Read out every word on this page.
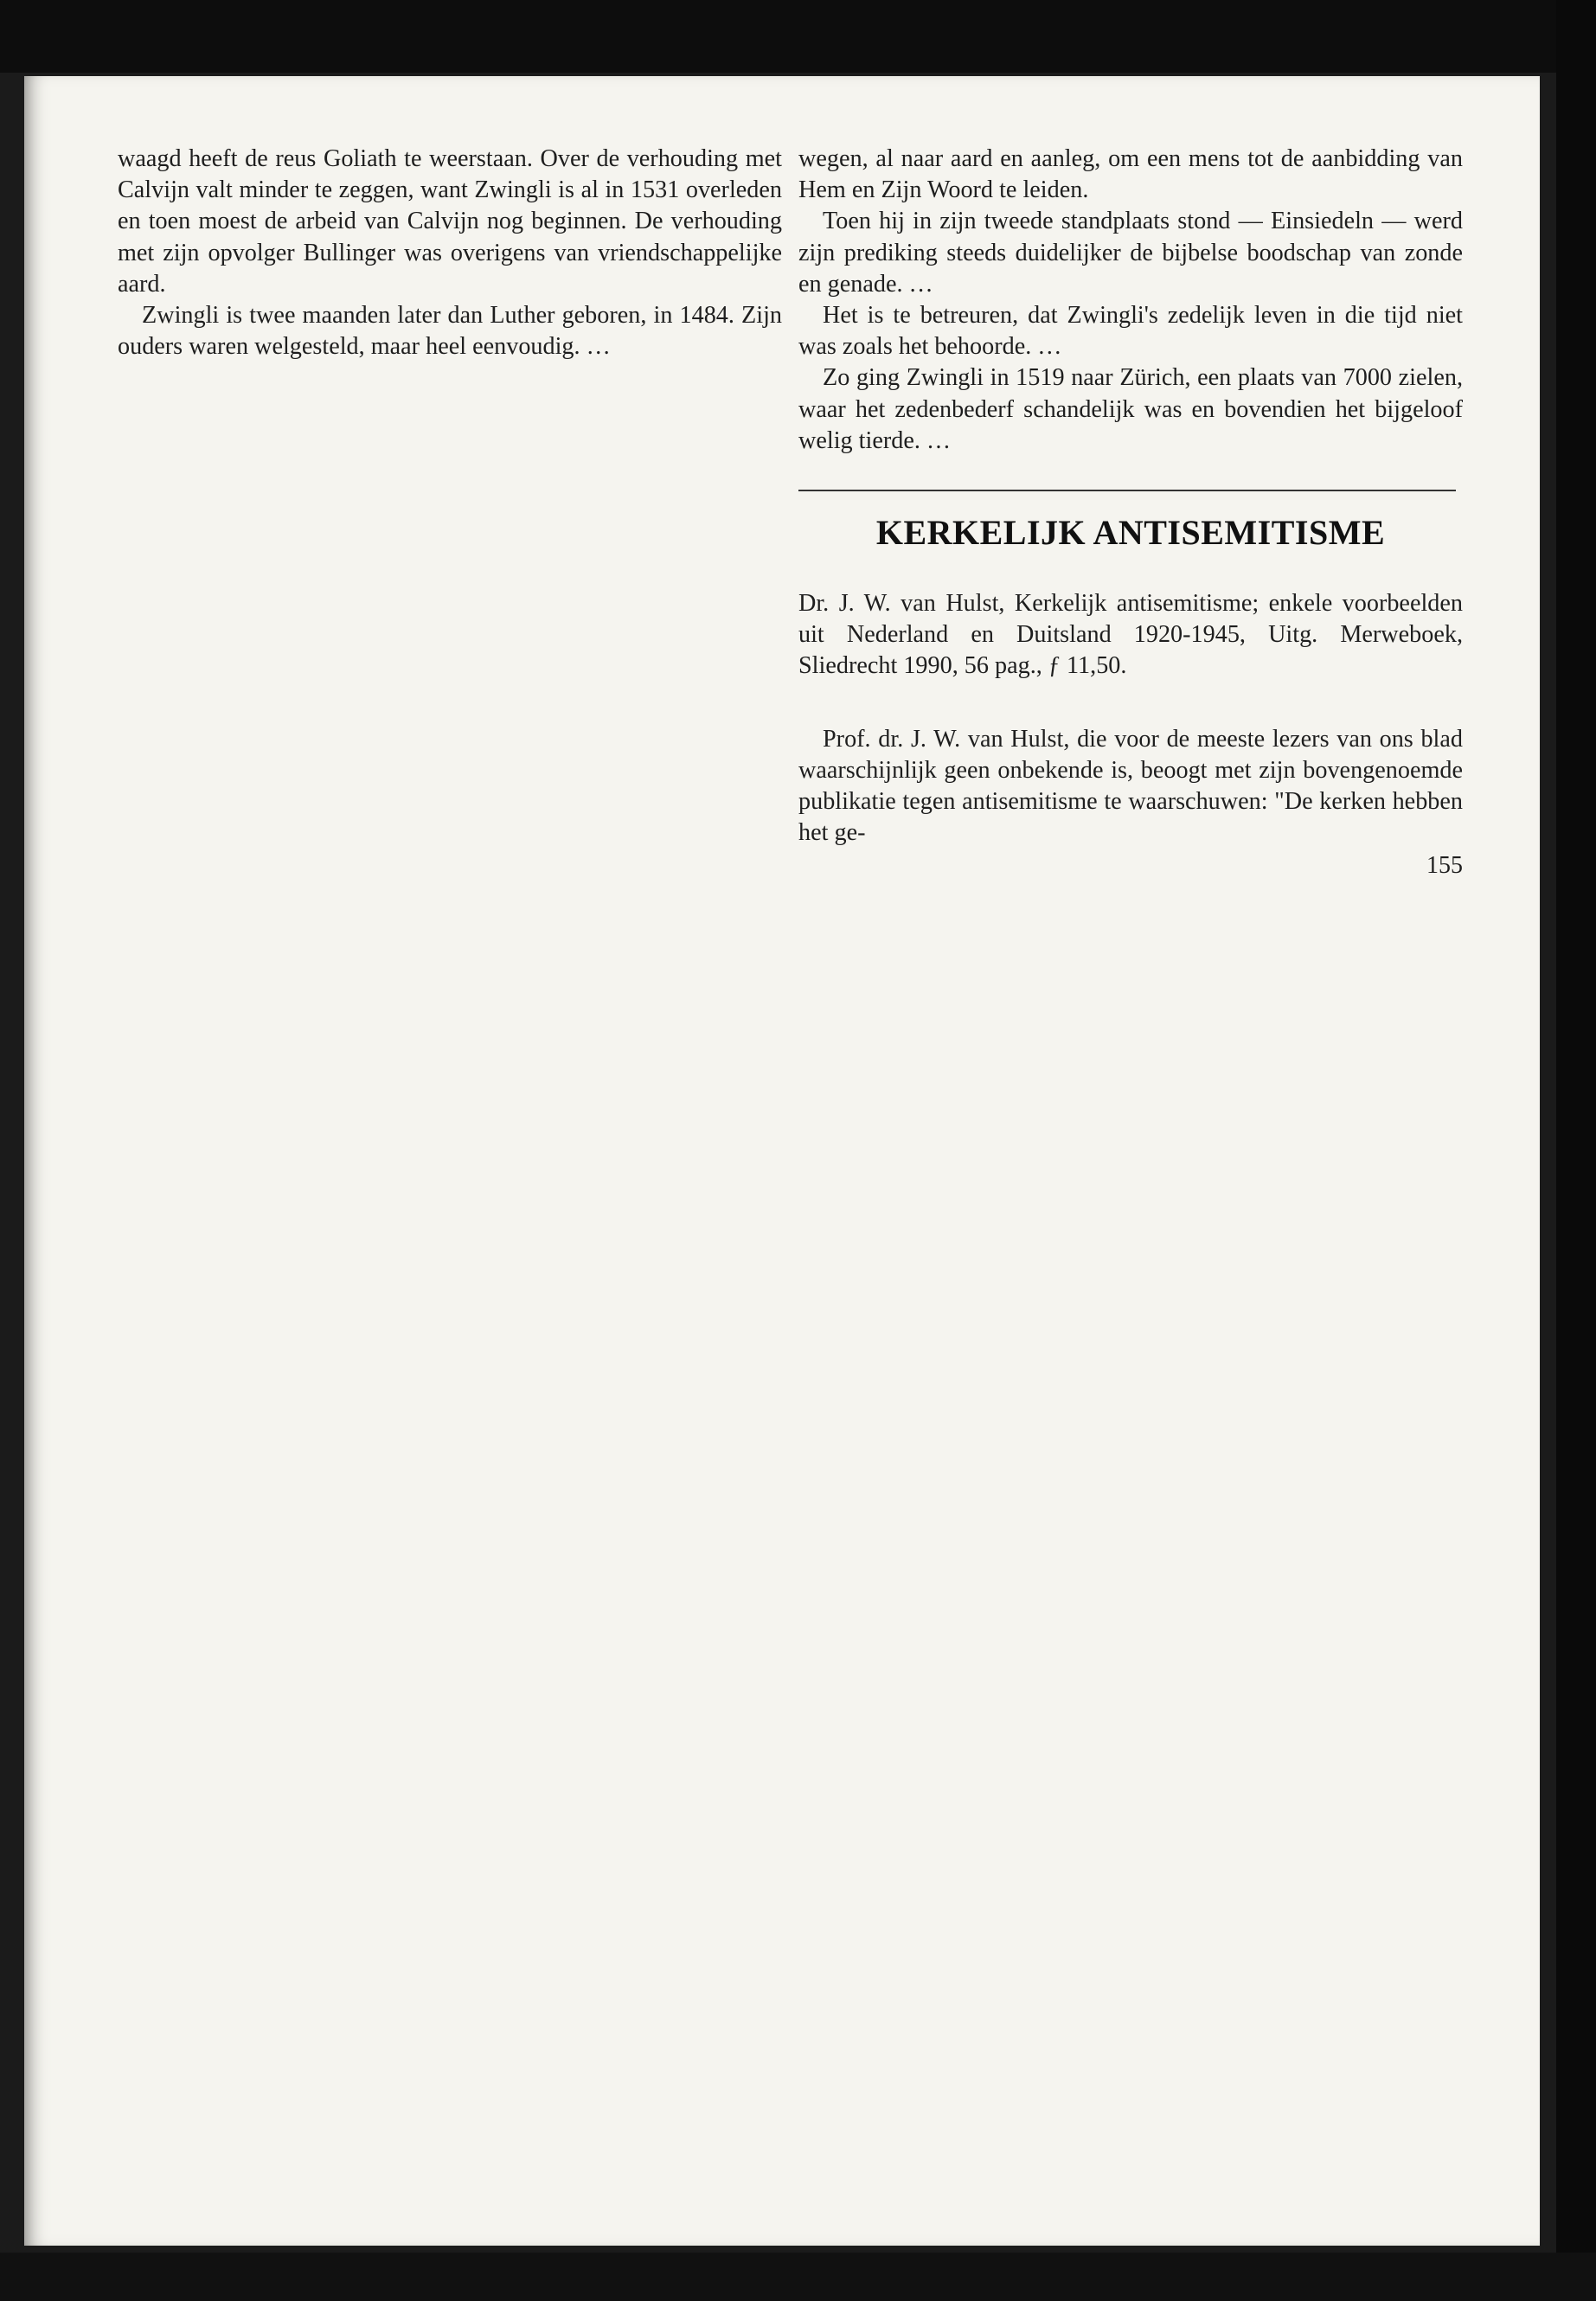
waagd heeft de reus Goliath te weerstaan. Over de verhouding met Calvijn valt minder te zeggen, want Zwingli is al in 1531 overleden en toen moest de arbeid van Calvijn nog beginnen. De verhouding met zijn opvolger Bullinger was overigens van vriendschappelijke aard.

Zwingli is twee maanden later dan Luther geboren, in 1484. Zijn ouders waren welgesteld, maar heel eenvoudig. …

wegen, al naar aard en aanleg, om een mens tot de aanbidding van Hem en Zijn Woord te leiden.

Toen hij in zijn tweede standplaats stond — Einsiedeln — werd zijn prediking steeds duidelijker de bijbelse boodschap van zonde en genade. …

Het is te betreuren, dat Zwingli's zedelijk leven in die tijd niet was zoals het behoorde. …

Zo ging Zwingli in 1519 naar Zürich, een plaats van 7000 zielen, waar het zedenbederf schandelijk was en bovendien het bijgeloof welig tierde. …

KERKELIJK ANTISEMITISME

Dr. J. W. van Hulst, Kerkelijk antisemitisme; enkele voorbeelden uit Nederland en Duitsland 1920-1945, Uitg. Merweboek, Sliedrecht 1990, 56 pag., ƒ 11,50.

Prof. dr. J. W. van Hulst, die voor de meeste lezers van ons blad waarschijnlijk geen onbekende is, beoogt met zijn bovengenoemde publikatie tegen antisemitisme te waarschuwen: "De kerken hebben het ge-

155
